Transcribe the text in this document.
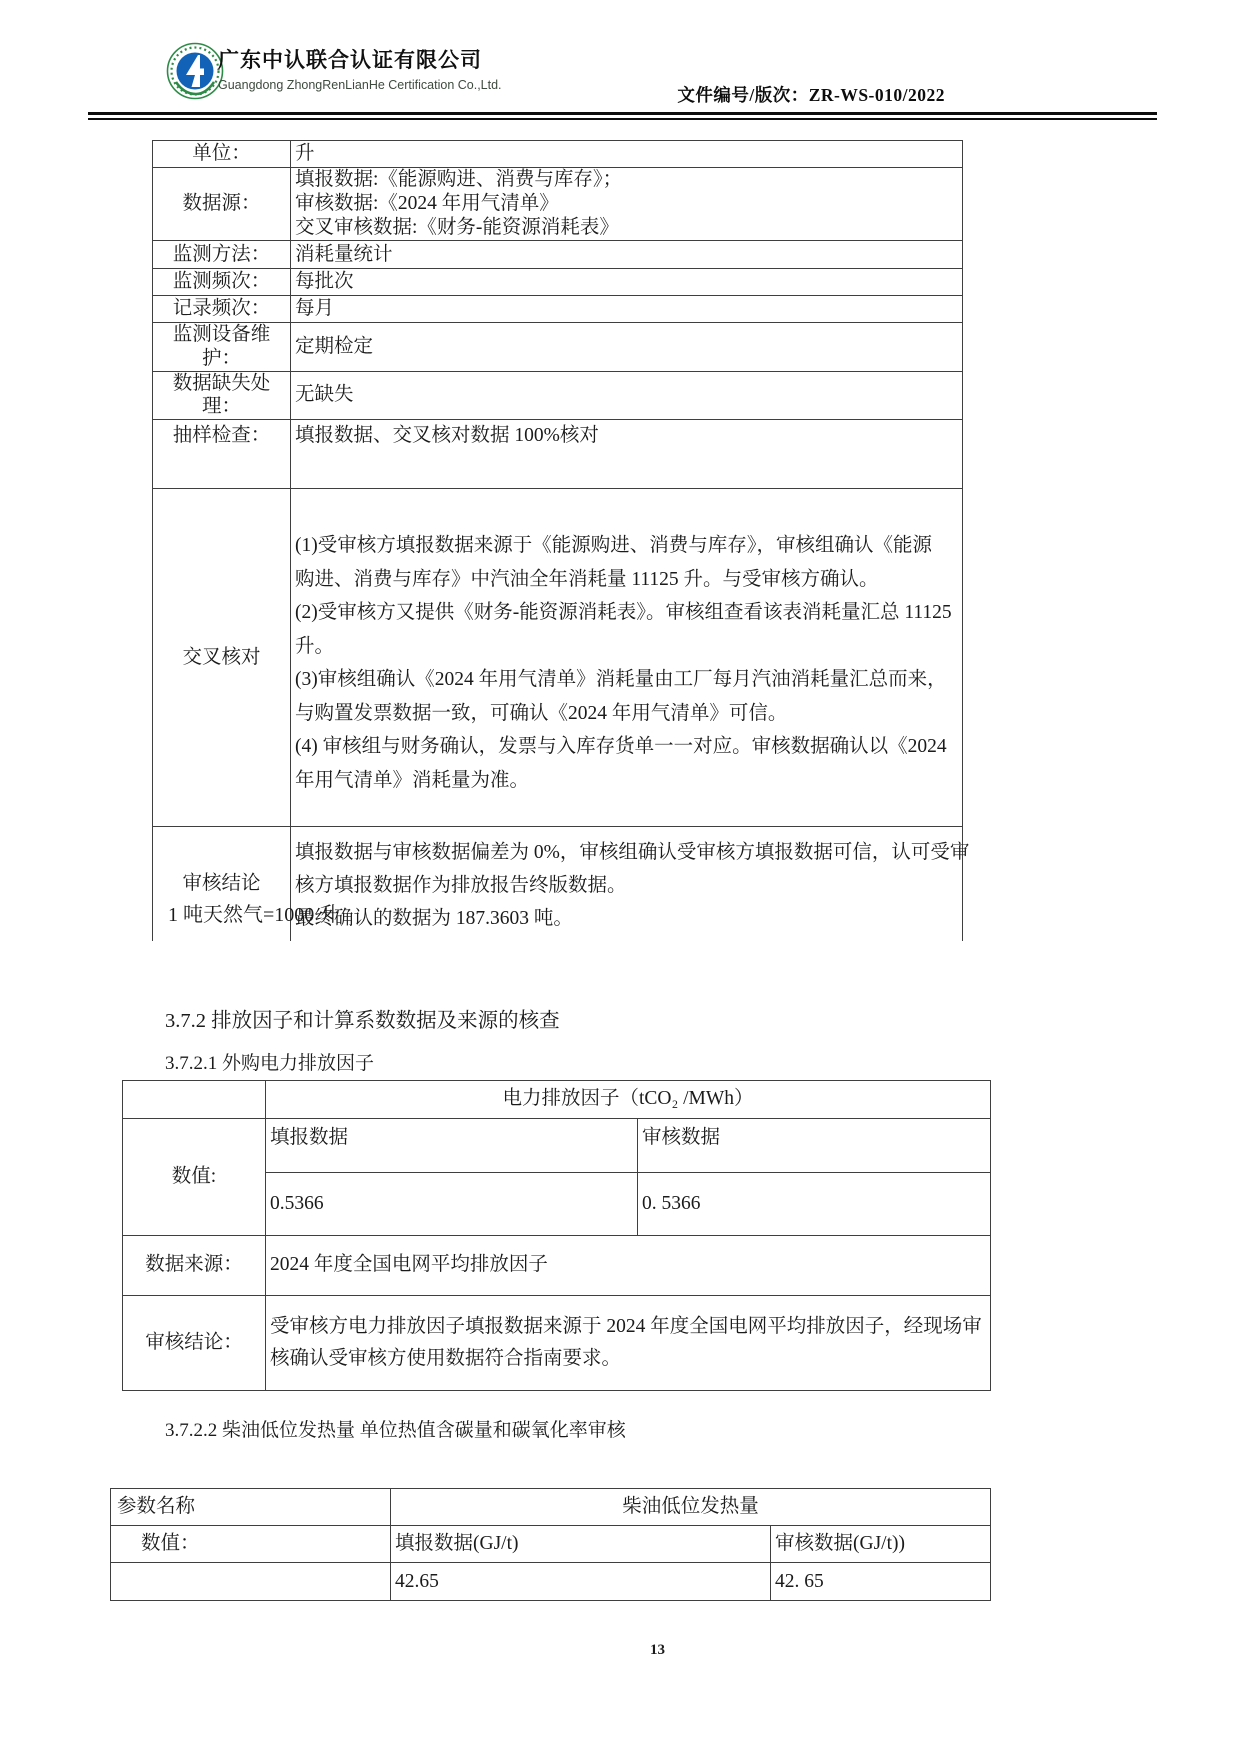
广东中认联合认证有限公司
Guangdong ZhongRenLianHe Certification Co.,Ltd.	文件编号/版次：ZR-WS-010/2022
单位：	升
数据源：	填报数据:《能源购进、消费与库存》；
审核数据:《2024 年用气清单》
交叉审核数据:《财务-能资源消耗表》

监测方法：	消耗量统计
监测频次：	每批次
记录频次：	每月
监测设备维护：	定期检定
数据缺失处理：	无缺失
抽样检查：	填报数据、交叉核对数据 100%核对
交叉核对	
(1)受审核方填报数据来源于《能源购进、消费与库存》，审核组确认《能源
购进、消费与库存》中汽油全年消耗量 11125 升。与受审核方确认。
(2)受审核方又提供《财务-能资源消耗表》。审核组查看该表消耗量汇总 11125
升。
(3)审核组确认《2024 年用气清单》消耗量由工厂每月汽油消耗量汇总而来，
与购置发票数据一致，可确认《2024 年用气清单》可信。
(4) 审核组与财务确认，发票与入库存货单一一对应。审核数据确认以《2024
年用气清单》消耗量为准。

审核结论	填报数据与审核数据偏差为 0%，审核组确认受审核方填报数据可信，认可受审
核方填报数据作为排放报告终版数据。
最终确认的数据为 187.3603 吨。
1 吨天然气=1000 升
3.7.2 排放因子和计算系数数据及来源的核查
3.7.2.1 外购电力排放因子
	电力排放因子（tCO₂ /MWh）	
数值:	填报数据	审核数据
	0.5366	0. 5366
数据来源：	2024 年度全国电网平均排放因子	
审核结论：	受审核方电力排放因子填报数据来源于 2024 年度全国电网平均排放因子，经现场审
核确认受审核方使用数据符合指南要求。	
3.7.2.2 柴油低位发热量 单位热值含碳量和碳氧化率审核
参数名称	柴油低位发热量	
数值：	填报数据(GJ/t)	审核数据(GJ/t))
	42.65	42. 65
13
